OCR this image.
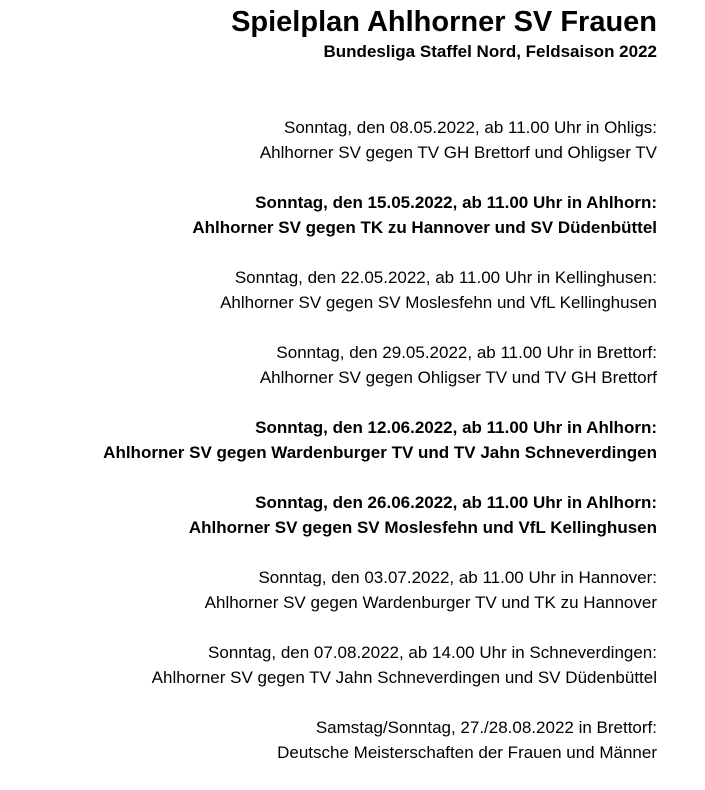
Spielplan Ahlhorner SV Frauen
Bundesliga Staffel Nord, Feldsaison 2022
Sonntag, den 08.05.2022, ab 11.00 Uhr in Ohligs:
Ahlhorner SV gegen TV GH Brettorf und Ohligser TV
Sonntag, den 15.05.2022, ab 11.00 Uhr in Ahlhorn:
Ahlhorner SV gegen TK zu Hannover und SV Düdenbüttel
Sonntag, den 22.05.2022, ab 11.00 Uhr in Kellinghusen:
Ahlhorner SV gegen SV Moslesfehn und VfL Kellinghusen
Sonntag, den 29.05.2022, ab 11.00 Uhr in Brettorf:
Ahlhorner SV gegen Ohligser TV und TV GH Brettorf
Sonntag, den 12.06.2022, ab 11.00 Uhr in Ahlhorn:
Ahlhorner SV gegen Wardenburger TV und TV Jahn Schneverdingen
Sonntag, den 26.06.2022, ab 11.00 Uhr in Ahlhorn:
Ahlhorner SV gegen SV Moslesfehn und VfL Kellinghusen
Sonntag, den 03.07.2022, ab 11.00 Uhr in Hannover:
Ahlhorner SV gegen Wardenburger TV und TK zu Hannover
Sonntag, den 07.08.2022, ab 14.00 Uhr in Schneverdingen:
Ahlhorner SV gegen TV Jahn Schneverdingen und SV Düdenbüttel
Samstag/Sonntag, 27./28.08.2022 in Brettorf:
Deutsche Meisterschaften der Frauen und Männer
